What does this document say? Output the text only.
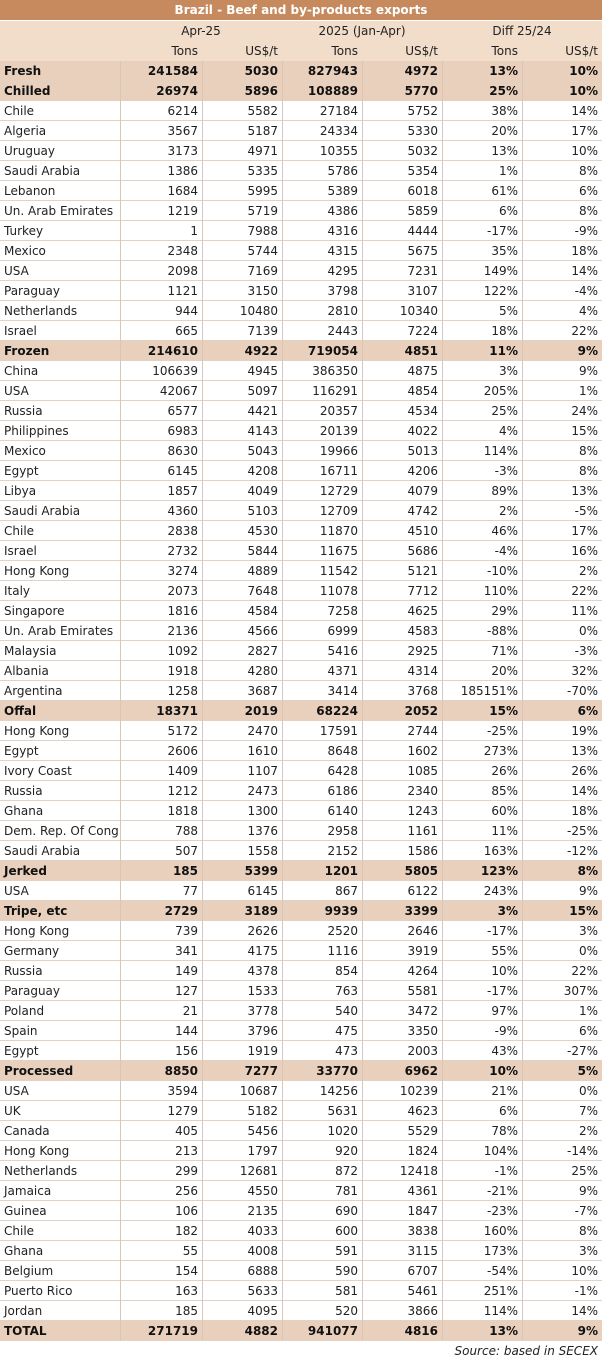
Brazil - Beef and by-products exports
Apr-25	2025 (Jan-Apr)	Diff 25/24
Tons	US$/t	Tons	US$/t	Tons	US$/t
Fresh	241584	5030	827943	4972	13%	10%
Chilled	26974	5896	108889	5770	25%	10%
Chile	6214	5582	27184	5752	38%	14%
Algeria	3567	5187	24334	5330	20%	17%
Uruguay	3173	4971	10355	5032	13%	10%
Saudi Arabia	1386	5335	5786	5354	1%	8%
Lebanon	1684	5995	5389	6018	61%	6%
Un. Arab Emirates	1219	5719	4386	5859	6%	8%
Turkey	1	7988	4316	4444	-17%	-9%
Mexico	2348	5744	4315	5675	35%	18%
USA	2098	7169	4295	7231	149%	14%
Paraguay	1121	3150	3798	3107	122%	-4%
Netherlands	944	10480	2810	10340	5%	4%
Israel	665	7139	2443	7224	18%	22%
Frozen	214610	4922	719054	4851	11%	9%
China	106639	4945	386350	4875	3%	9%
USA	42067	5097	116291	4854	205%	1%
Russia	6577	4421	20357	4534	25%	24%
Philippines	6983	4143	20139	4022	4%	15%
Mexico	8630	5043	19966	5013	114%	8%
Egypt	6145	4208	16711	4206	-3%	8%
Libya	1857	4049	12729	4079	89%	13%
Saudi Arabia	4360	5103	12709	4742	2%	-5%
Chile	2838	4530	11870	4510	46%	17%
Israel	2732	5844	11675	5686	-4%	16%
Hong Kong	3274	4889	11542	5121	-10%	2%
Italy	2073	7648	11078	7712	110%	22%
Singapore	1816	4584	7258	4625	29%	11%
Un. Arab Emirates	2136	4566	6999	4583	-88%	0%
Malaysia	1092	2827	5416	2925	71%	-3%
Albania	1918	4280	4371	4314	20%	32%
Argentina	1258	3687	3414	3768	185151%	-70%
Offal	18371	2019	68224	2052	15%	6%
Hong Kong	5172	2470	17591	2744	-25%	19%
Egypt	2606	1610	8648	1602	273%	13%
Ivory Coast	1409	1107	6428	1085	26%	26%
Russia	1212	2473	6186	2340	85%	14%
Ghana	1818	1300	6140	1243	60%	18%
Dem. Rep. Of Cong	788	1376	2958	1161	11%	-25%
Saudi Arabia	507	1558	2152	1586	163%	-12%
Jerked	185	5399	1201	5805	123%	8%
USA	77	6145	867	6122	243%	9%
Tripe, etc	2729	3189	9939	3399	3%	15%
Hong Kong	739	2626	2520	2646	-17%	3%
Germany	341	4175	1116	3919	55%	0%
Russia	149	4378	854	4264	10%	22%
Paraguay	127	1533	763	5581	-17%	307%
Poland	21	3778	540	3472	97%	1%
Spain	144	3796	475	3350	-9%	6%
Egypt	156	1919	473	2003	43%	-27%
Processed	8850	7277	33770	6962	10%	5%
USA	3594	10687	14256	10239	21%	0%
UK	1279	5182	5631	4623	6%	7%
Canada	405	5456	1020	5529	78%	2%
Hong Kong	213	1797	920	1824	104%	-14%
Netherlands	299	12681	872	12418	-1%	25%
Jamaica	256	4550	781	4361	-21%	9%
Guinea	106	2135	690	1847	-23%	-7%
Chile	182	4033	600	3838	160%	8%
Ghana	55	4008	591	3115	173%	3%
Belgium	154	6888	590	6707	-54%	10%
Puerto Rico	163	5633	581	5461	251%	-1%
Jordan	185	4095	520	3866	114%	14%
TOTAL	271719	4882	941077	4816	13%	9%
Source: based in SECEX
